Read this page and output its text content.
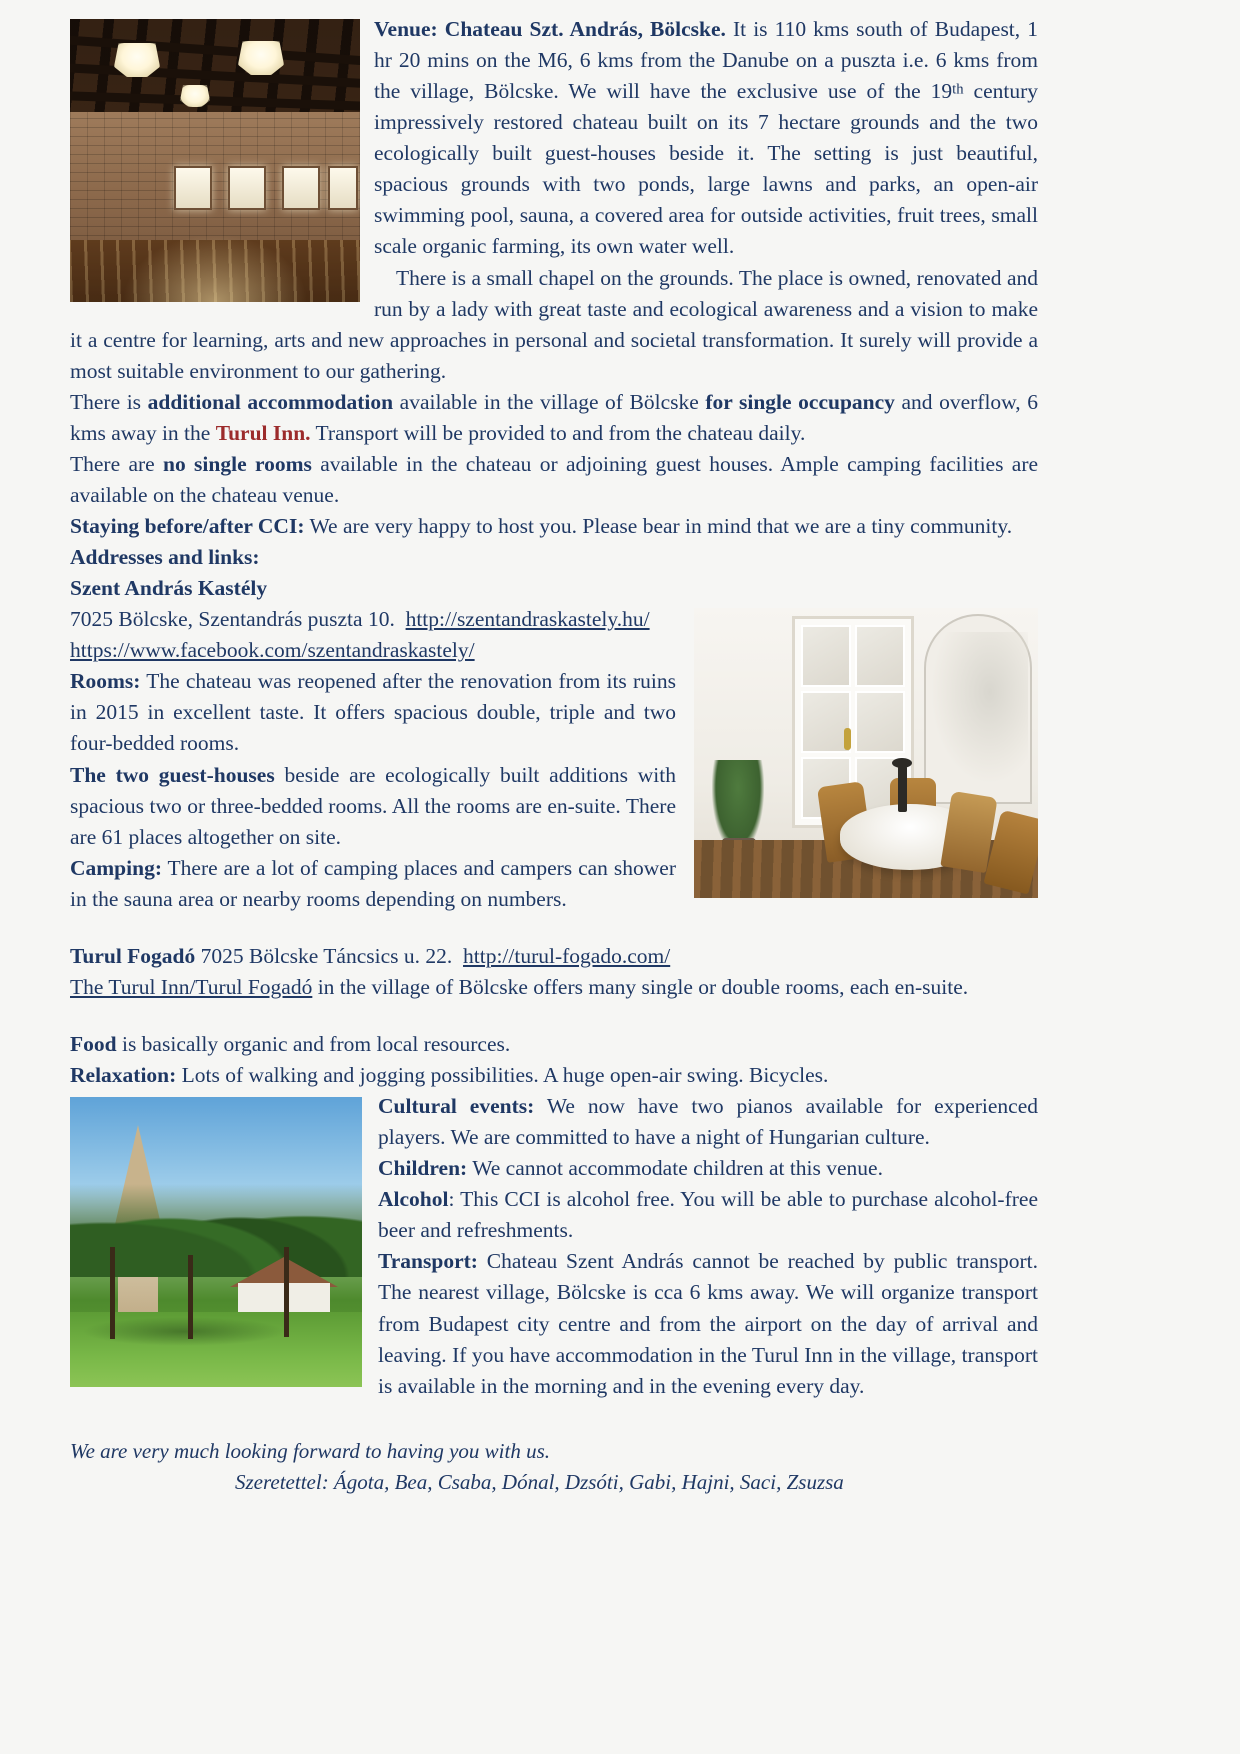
Venue: Chateau Szt. András, Bölcske. It is 110 kms south of Budapest, 1 hr 20 mins on the M6, 6 kms from the Danube on a puszta i.e. 6 kms from the village, Bölcske. We will have the exclusive use of the 19th century impressively restored chateau built on its 7 hectare grounds and the two ecologically built guest-houses beside it. The setting is just beautiful, spacious grounds with two ponds, large lawns and parks, an open-air swimming pool, sauna, a covered area for outside activities, fruit trees, small scale organic farming, its own water well.

There is a small chapel on the grounds. The place is owned, renovated and run by a lady with great taste and ecological awareness and a vision to make it a centre for learning, arts and new approaches in personal and societal transformation. It surely will provide a most suitable environment to our gathering.

There is additional accommodation available in the village of Bölcske for single occupancy and overflow, 6 kms away in the Turul Inn. Transport will be provided to and from the chateau daily.

There are no single rooms available in the chateau or adjoining guest houses. Ample camping facilities are available on the chateau venue.

Staying before/after CCI: We are very happy to host you. Please bear in mind that we are a tiny community.

Addresses and links:

Szent András Kastély

7025 Bölcske, Szentandrás puszta 10. http://szentandraskastely.hu/

https://www.facebook.com/szentandraskastely/

Rooms: The chateau was reopened after the renovation from its ruins in 2015 in excellent taste. It offers spacious double, triple and two four-bedded rooms.

The two guest-houses beside are ecologically built additions with spacious two or three-bedded rooms. All the rooms are en-suite. There are 61 places altogether on site.

Camping: There are a lot of camping places and campers can shower in the sauna area or nearby rooms depending on numbers.

Turul Fogadó 7025 Bölcske Táncsics u. 22. http://turul-fogado.com/

The Turul Inn/Turul Fogadó in the village of Bölcske offers many single or double rooms, each en-suite.

Food is basically organic and from local resources.

Relaxation: Lots of walking and jogging possibilities. A huge open-air swing. Bicycles.

Cultural events: We now have two pianos available for experienced players. We are committed to have a night of Hungarian culture.

Children: We cannot accommodate children at this venue.

Alcohol: This CCI is alcohol free. You will be able to purchase alcohol-free beer and refreshments.

Transport: Chateau Szent András cannot be reached by public transport. The nearest village, Bölcske is cca 6 kms away. We will organize transport from Budapest city centre and from the airport on the day of arrival and leaving. If you have accommodation in the Turul Inn in the village, transport is available in the morning and in the evening every day.

We are very much looking forward to having you with us.

Szeretettel: Ágota, Bea, Csaba, Dónal, Dzsóti, Gabi, Hajni, Saci, Zsuzsa
